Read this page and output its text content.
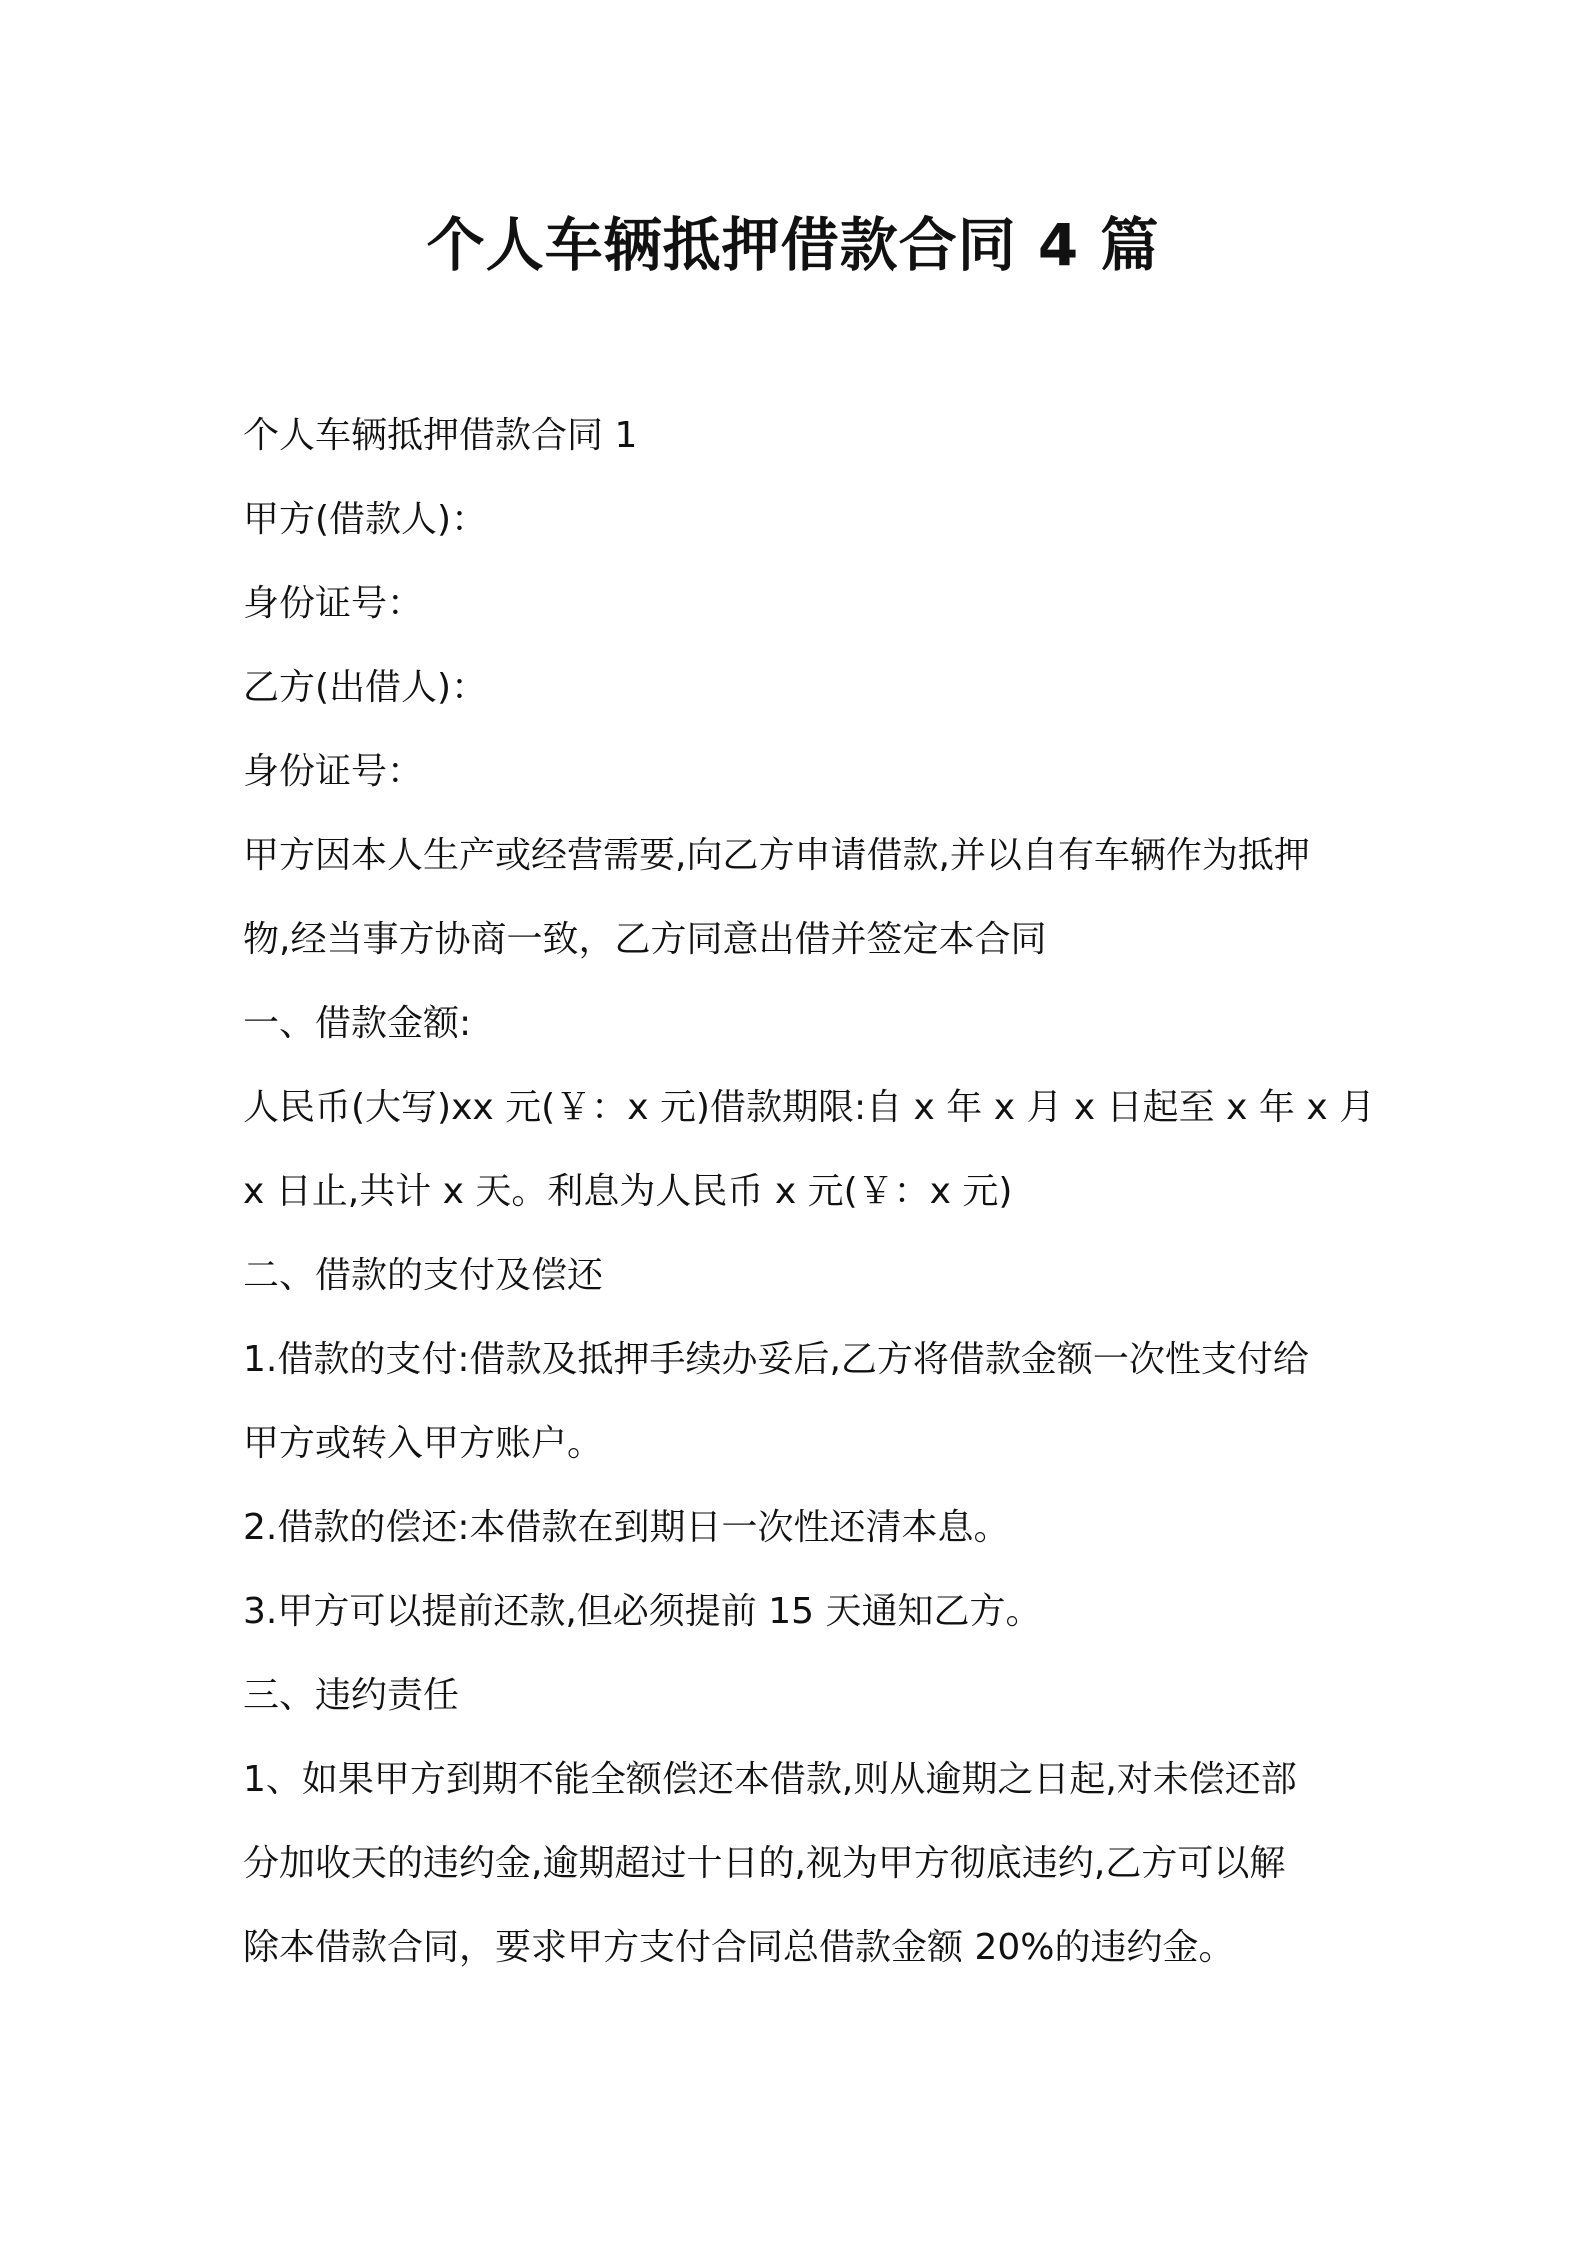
个人车辆抵押借款合同 4 篇
个人车辆抵押借款合同 1
甲方(借款人)：
身份证号：
乙方(出借人)：
身份证号：
甲方因本人生产或经营需要,向乙方申请借款,并以自有车辆作为抵押
物,经当事方协商一致，乙方同意出借并签定本合同
一、借款金额:
人民币(大写)xx 元(￥：x 元)借款期限:自 x 年 x 月 x 日起至 x 年 x 月
x 日止,共计 x 天。利息为人民币 x 元(￥：x 元)
二、借款的支付及偿还
1.借款的支付:借款及抵押手续办妥后,乙方将借款金额一次性支付给
甲方或转入甲方账户。
2.借款的偿还:本借款在到期日一次性还清本息。
3.甲方可以提前还款,但必须提前 15 天通知乙方。
三、违约责任
1、如果甲方到期不能全额偿还本借款,则从逾期之日起,对未偿还部
分加收天的违约金,逾期超过十日的,视为甲方彻底违约,乙方可以解
除本借款合同，要求甲方支付合同总借款金额 20%的违约金。
